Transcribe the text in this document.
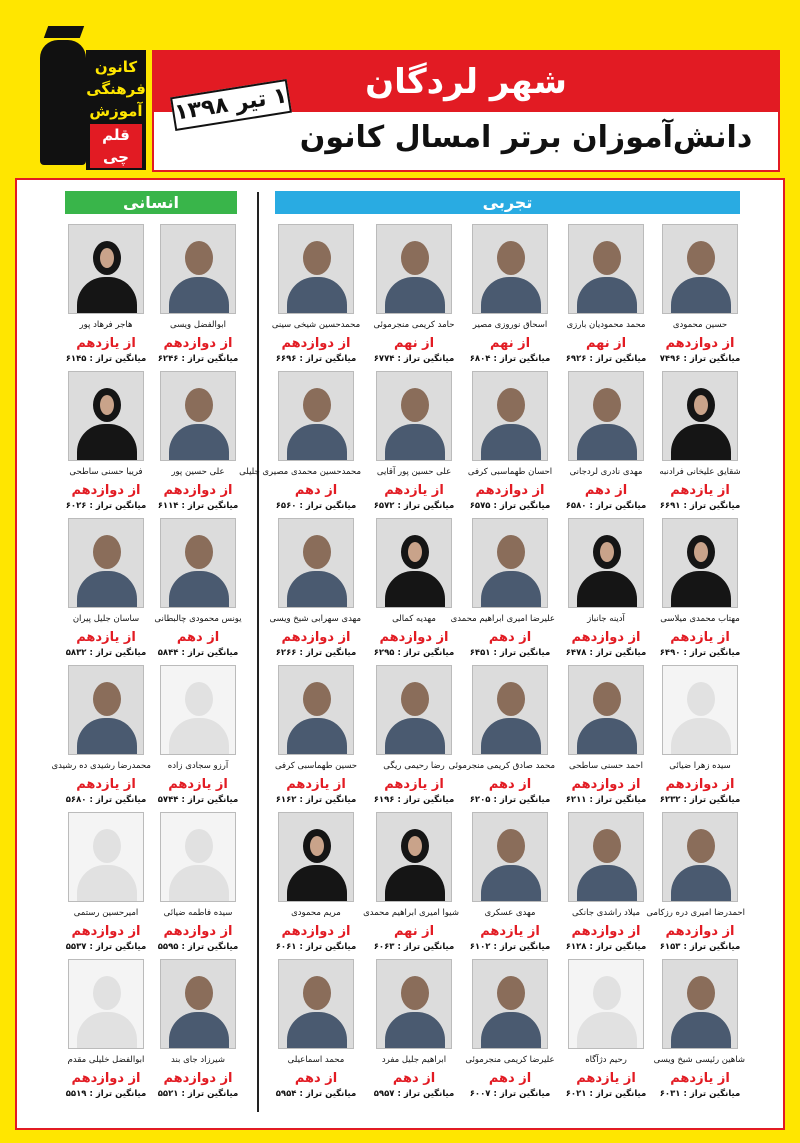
کانون
فرهنگی
آموزش
قلم چی
شهر لردگان
دانش‌آموزان برتر امسال کانون
۱ تیر ۱۳۹۸
تجربی
انسانی
حسین محمودی
از دوازدهم
میانگین تراز : ۷۴۹۶
محمد محمودیان بارزی
از نهم
میانگین تراز : ۶۹۲۶
اسحاق نوروزی مصیر
از نهم
میانگین تراز : ۶۸۰۴
حامد کریمی منجرموئی
از نهم
میانگین تراز : ۶۷۷۴
محمدحسین شیخی سینی
از دوازدهم
میانگین تراز : ۶۶۹۶
شقایق علیخانی فرادنبه
از یازدهم
میانگین تراز : ۶۶۹۱
مهدی نادری لردجانی
از دهم
میانگین تراز : ۶۵۸۰
احسان طهماسبی کرفی
از دوازدهم
میانگین تراز : ۶۵۷۵
علی حسین پور آقایی
از یازدهم
میانگین تراز : ۶۵۷۲
محمدحسین محمدی مصیری جلیلی
از دهم
میانگین تراز : ۶۵۶۰
مهتاب محمدی میلاسی
از یازدهم
میانگین تراز : ۶۴۹۰
آدینه جانباز
از دوازدهم
میانگین تراز : ۶۴۷۸
علیرضا امیری ابراهیم محمدی
از دهم
میانگین تراز : ۶۴۵۱
مهدیه کمالی
از دوازدهم
میانگین تراز : ۶۲۹۵
مهدی سهرابی شیخ ویسی
از دوازدهم
میانگین تراز : ۶۲۶۶
سیده زهرا ضیائی
از دوازدهم
میانگین تراز : ۶۲۳۲
احمد حسنی ساطحی
از دوازدهم
میانگین تراز : ۶۲۱۱
محمد صادق کریمی منجرموئی
از دهم
میانگین تراز : ۶۲۰۵
رضا رحیمی ریگی
از یازدهم
میانگین تراز : ۶۱۹۶
حسین طهماسبی کرفی
از یازدهم
میانگین تراز : ۶۱۶۲
احمدرضا امیری دره رزکامی
از دوازدهم
میانگین تراز : ۶۱۵۳
میلاد راشدی جانکی
از دوازدهم
میانگین تراز : ۶۱۲۸
مهدی عسکری
از یازدهم
میانگین تراز : ۶۱۰۲
شیوا امیری ابراهیم محمدی
از نهم
میانگین تراز : ۶۰۶۳
مریم محمودی
از دوازدهم
میانگین تراز : ۶۰۶۱
شاهین رئیسی شیخ ویسی
از یازدهم
میانگین تراز : ۶۰۳۱
رحیم دژآگاه
از یازدهم
میانگین تراز : ۶۰۲۱
علیرضا کریمی منجرموئی
از دهم
میانگین تراز : ۶۰۰۷
ابراهیم جلیل مفرد
از دهم
میانگین تراز : ۵۹۵۷
محمد اسماعیلی
از دهم
میانگین تراز : ۵۹۵۴
ابوالفضل ویسی
از دوازدهم
میانگین تراز : ۶۲۴۶
هاجر فرهاد پور
از یازدهم
میانگین تراز : ۶۱۴۵
علی حسین پور
از دوازدهم
میانگین تراز : ۶۱۱۴
فریبا حسنی ساطحی
از دوازدهم
میانگین تراز : ۶۰۲۶
یونس محمودی چالبطانی
از دهم
میانگین تراز : ۵۸۴۴
ساسان جلیل پیران
از یازدهم
میانگین تراز : ۵۸۳۲
آرزو سجادی زاده
از یازدهم
میانگین تراز : ۵۷۴۴
محمدرضا رشیدی ده رشیدی
از یازدهم
میانگین تراز : ۵۶۸۰
سیده فاطمه ضیائی
از دوازدهم
میانگین تراز : ۵۵۹۵
امیرحسین رستمی
از دوازدهم
میانگین تراز : ۵۵۳۷
شیرزاد جای بند
از دوازدهم
میانگین تراز : ۵۵۲۱
ابوالفضل خلیلی مقدم
از دوازدهم
میانگین تراز : ۵۵۱۹
